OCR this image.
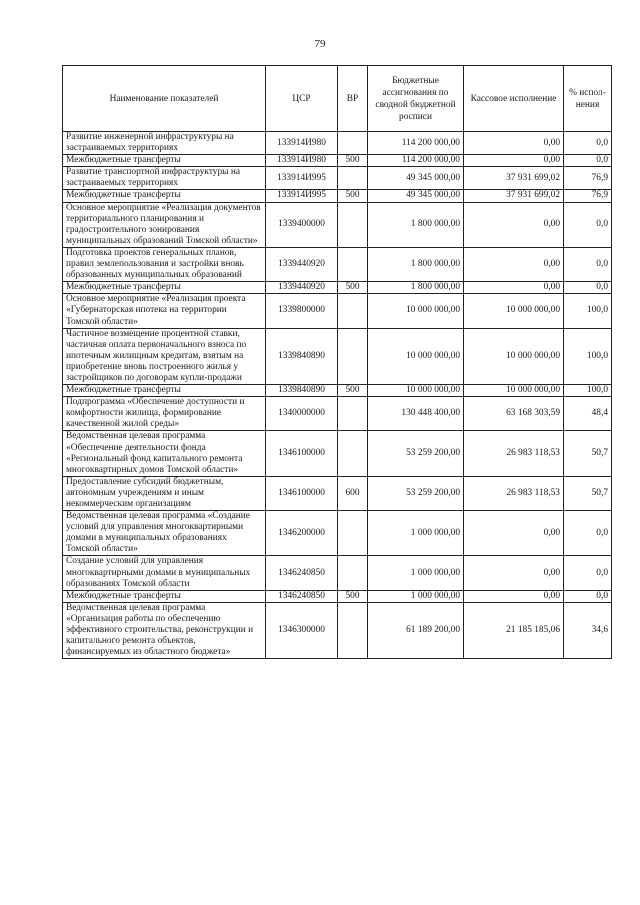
79
Наименование показателей	ЦСР	ВР	Бюджетные ассигнования по сводной бюджетной росписи	Кассовое исполнение	% испол- нения
Развитие инженерной инфраструктуры на застраиваемых территориях	133914И980		114 200 000,00	0,00	0,0
Межбюджетные трансферты	133914И980	500	114 200 000,00	0,00	0,0
Развитие транспортной инфраструктуры на застраиваемых территориях	133914И995		49 345 000,00	37 931 699,02	76,9
Межбюджетные трансферты	133914И995	500	49 345 000,00	37 931 699,02	76,9
Основное мероприятие «Реализация документов территориального планирования и градостроительного зонирования муниципальных образований Томской области»	1339400000		1 800 000,00	0,00	0,0
Подготовка проектов генеральных планов, правил землепользования и застройки вновь образованных муниципальных образований	1339440920		1 800 000,00	0,00	0,0
Межбюджетные трансферты	1339440920	500	1 800 000,00	0,00	0,0
Основное мероприятие «Реализация проекта «Губернаторская ипотека на территории Томской области»	1339800000		10 000 000,00	10 000 000,00	100,0
Частичное возмещение процентной ставки, частичная оплата первоначального взноса по ипотечным жилищным кредитам, взятым на приобретение вновь построенного жилья у застройщиков по договорам купли-продажи	1339840890		10 000 000,00	10 000 000,00	100,0
Межбюджетные трансферты	1339840890	500	10 000 000,00	10 000 000,00	100,0
Подпрограмма «Обеспечение доступности и комфортности жилища, формирование качественной жилой среды»	1340000000		130 448 400,00	63 168 303,59	48,4
Ведомственная целевая программа «Обеспечение деятельности фонда «Региональный фонд капитального ремонта многоквартирных домов Томской области»	1346100000		53 259 200,00	26 983 118,53	50,7
Предоставление субсидий бюджетным, автономным учреждениям и иным некоммерческим организациям	1346100000	600	53 259 200,00	26 983 118,53	50,7
Ведомственная целевая программа «Создание условий для управления многоквартирными домами в муниципальных образованиях Томской области»	1346200000		1 000 000,00	0,00	0,0
Создание условий для управления многоквартирными домами в муниципальных образованиях Томской области	1346240850		1 000 000,00	0,00	0,0
Межбюджетные трансферты	1346240850	500	1 000 000,00	0,00	0,0
Ведомственная целевая программа «Организация работы по обеспечению эффективного строительства, реконструкции и капитального ремонта объектов, финансируемых из областного бюджета»	1346300000		61 189 200,00	21 185 185,06	34,6
